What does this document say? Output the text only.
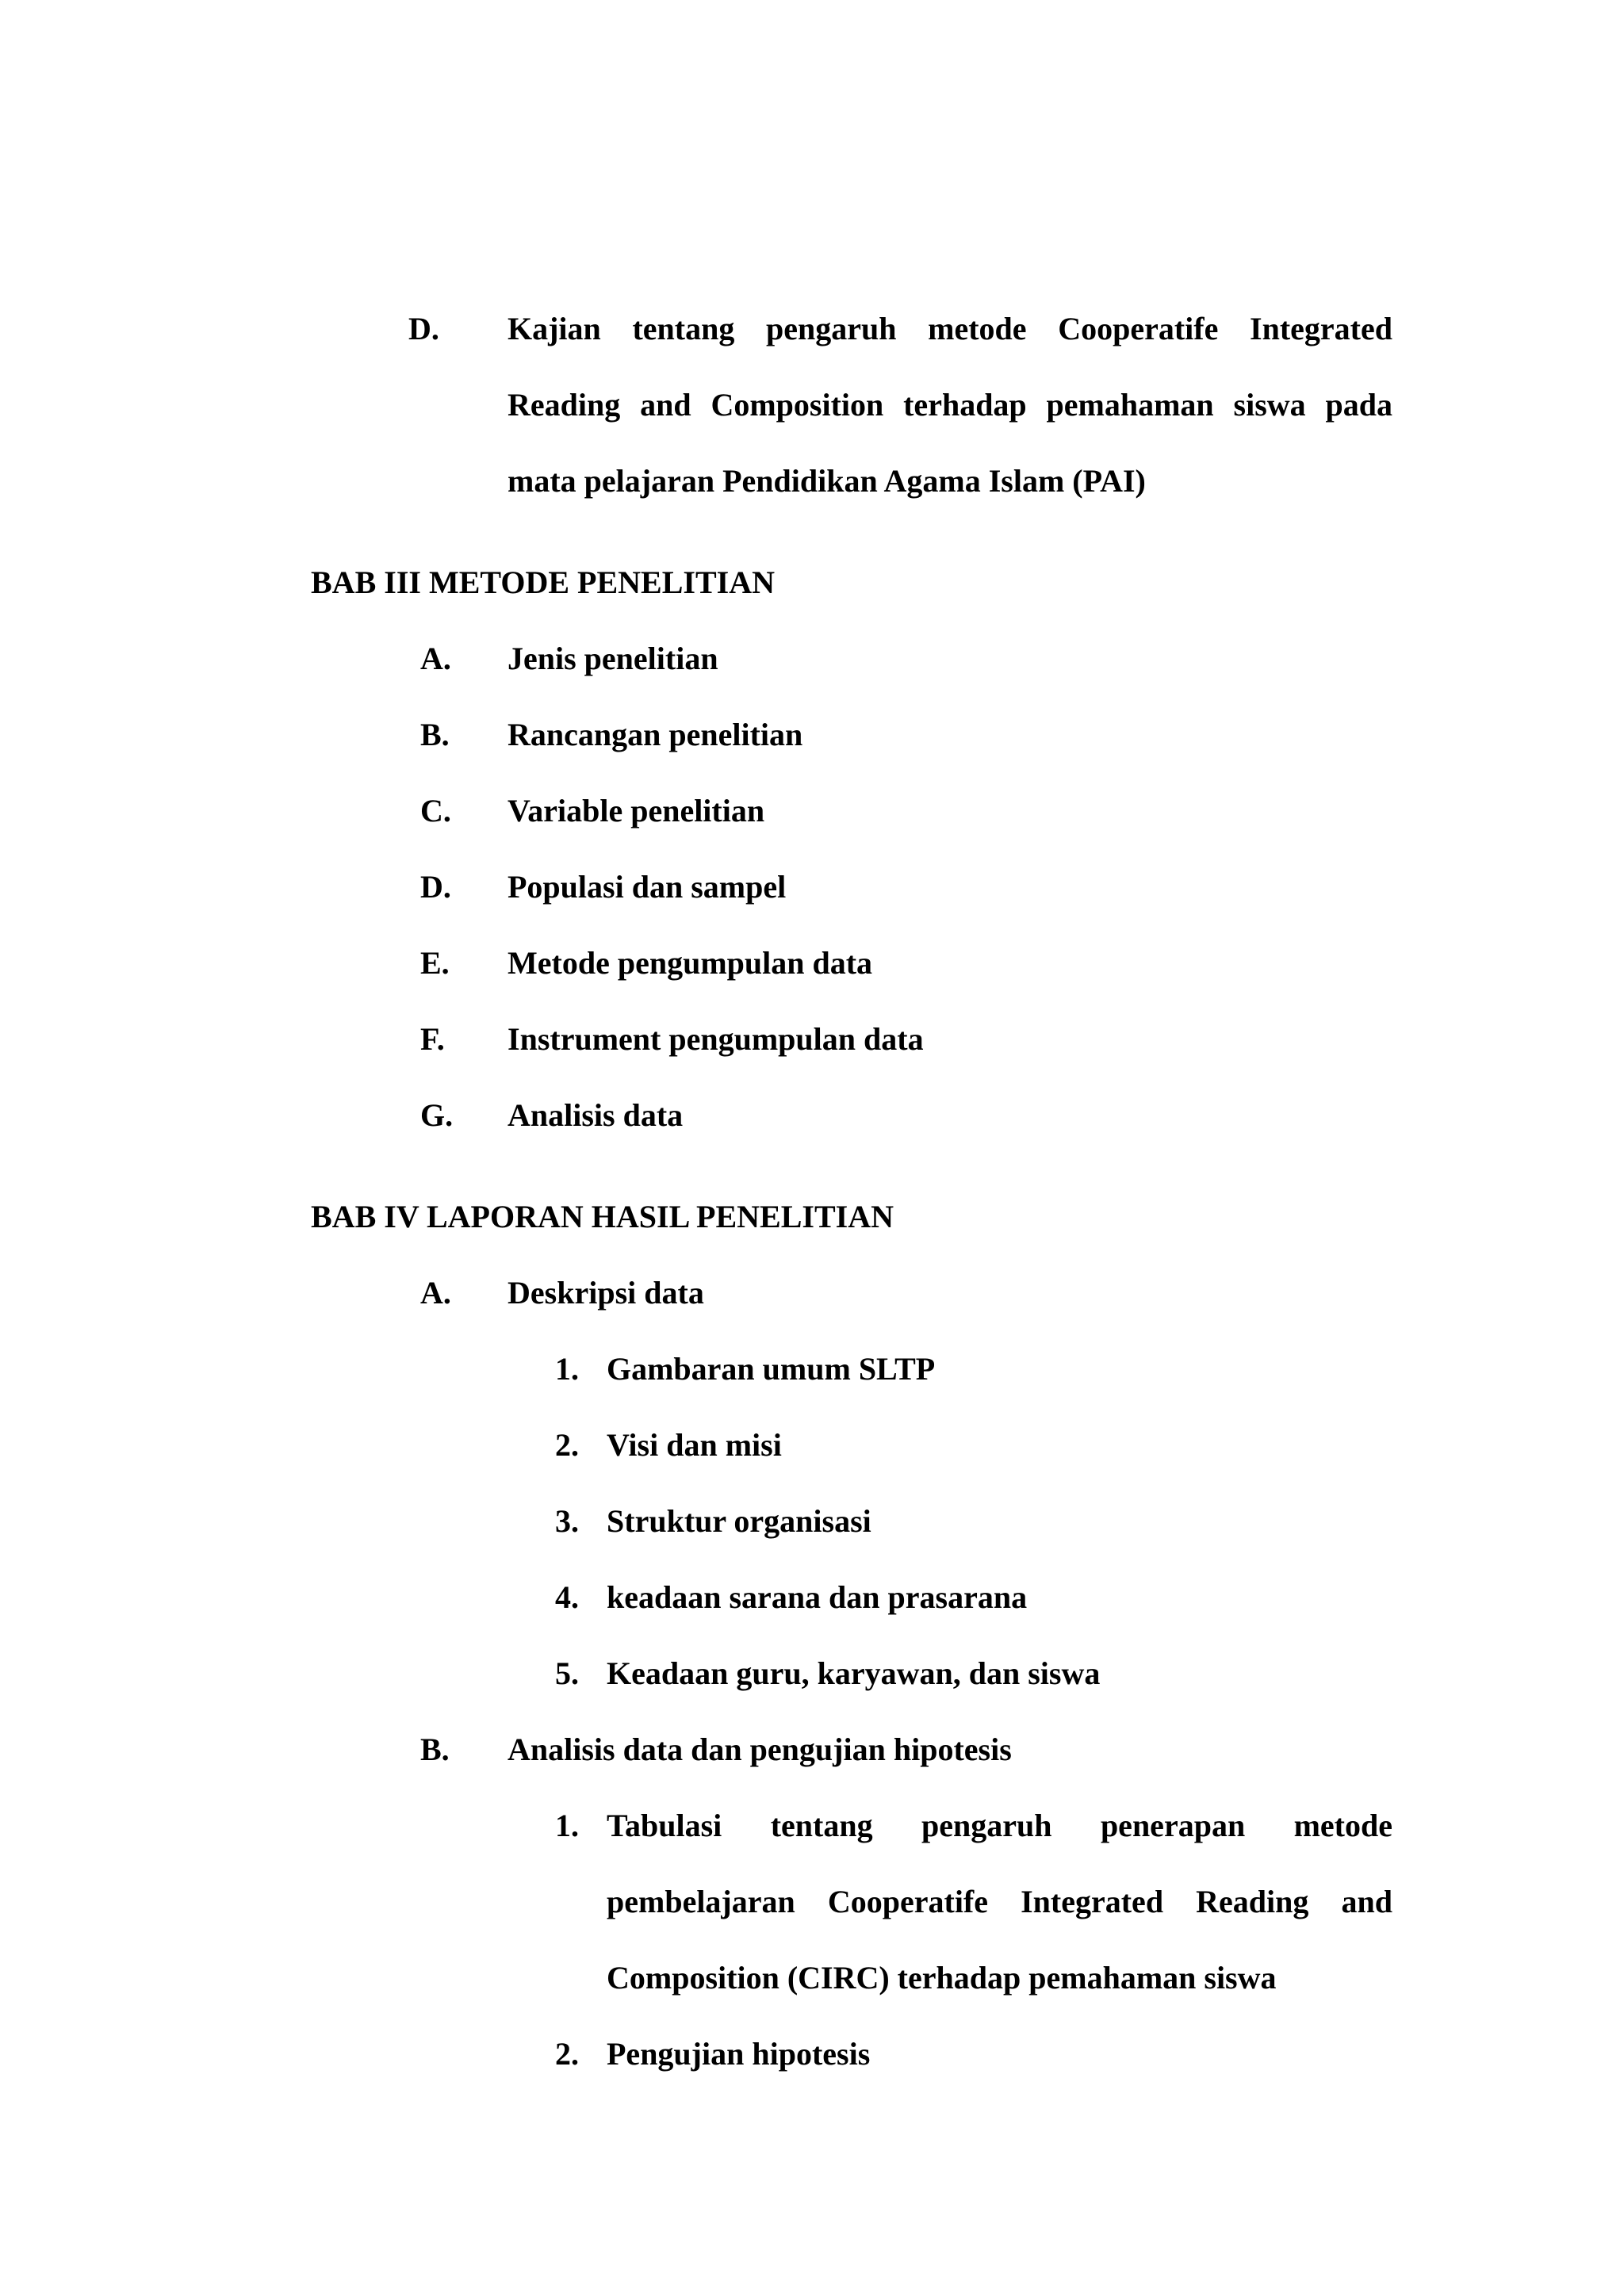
D. Kajian tentang pengaruh metode Cooperatife Integrated
Reading and Composition terhadap pemahaman siswa pada
mata pelajaran Pendidikan Agama Islam (PAI)
BAB III METODE PENELITIAN
A. Jenis penelitian
B. Rancangan penelitian
C. Variable penelitian
D. Populasi dan sampel
E. Metode pengumpulan data
F. Instrument pengumpulan data
G. Analisis data
BAB IV LAPORAN HASIL PENELITIAN
A. Deskripsi data
1. Gambaran umum SLTP
2. Visi dan misi
3. Struktur organisasi
4. keadaan sarana dan prasarana
5. Keadaan guru, karyawan, dan siswa
B. Analisis data dan pengujian hipotesis
1. Tabulasi tentang pengaruh penerapan metode
pembelajaran Cooperatife Integrated Reading and
Composition (CIRC) terhadap pemahaman siswa
2. Pengujian hipotesis
